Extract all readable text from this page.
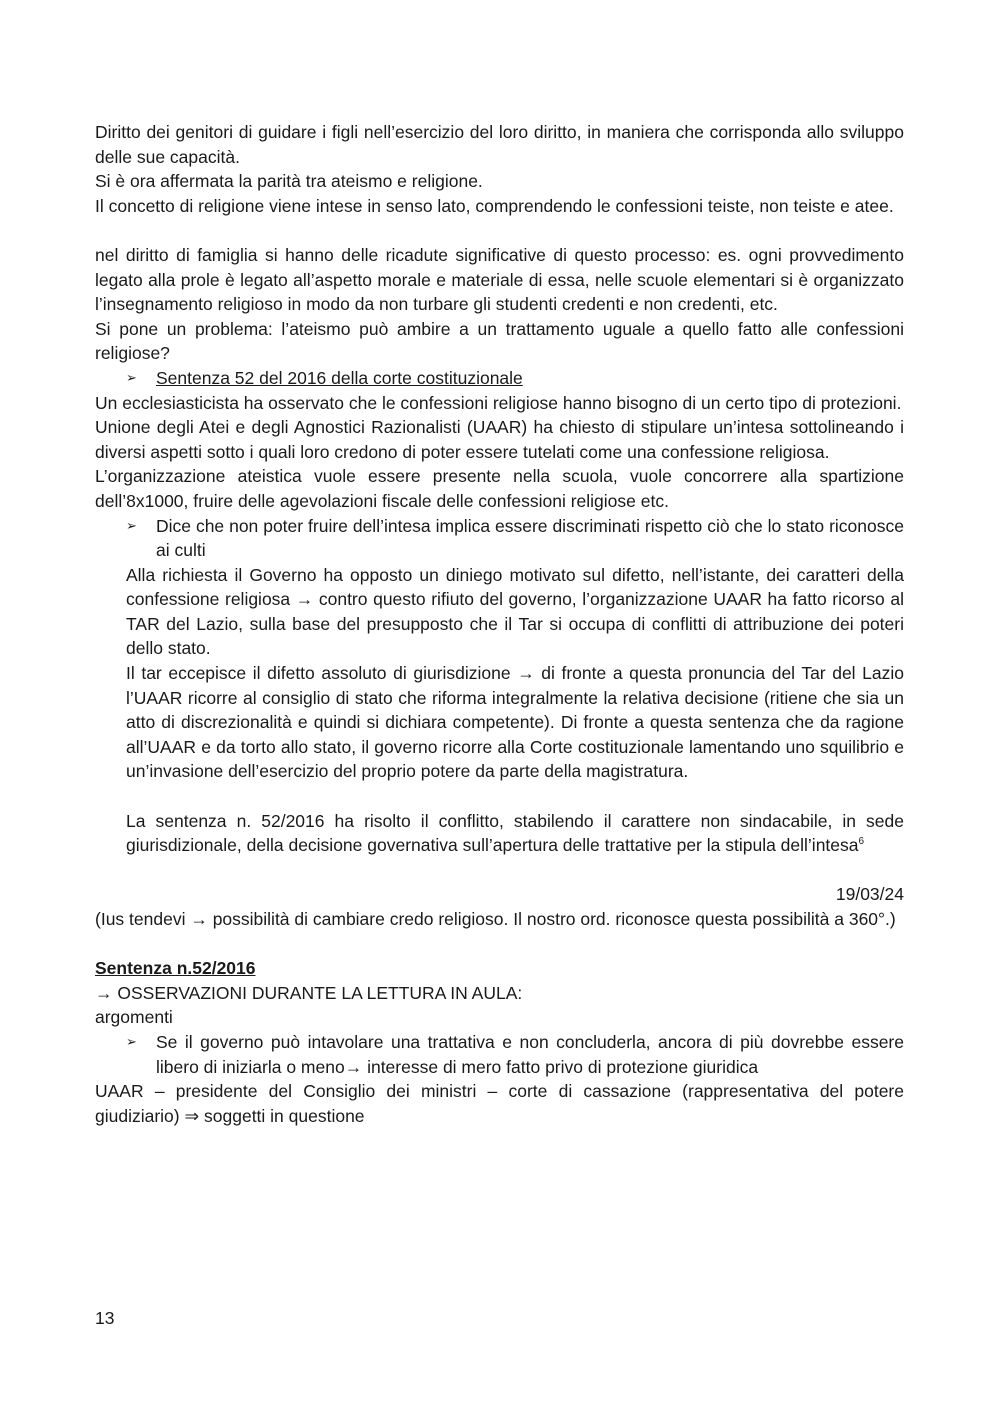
Diritto dei genitori di guidare i figli nell’esercizio del loro diritto, in maniera che corrisponda allo sviluppo delle sue capacità.

Si è ora affermata la parità tra ateismo e religione.

Il concetto di religione viene intese in senso lato, comprendendo le confessioni teiste, non teiste e atee.

nel diritto di famiglia si hanno delle ricadute significative di questo processo: es. ogni provvedimento legato alla prole è legato all’aspetto morale e materiale di essa, nelle scuole elementari si è organizzato l’insegnamento religioso in modo da non turbare gli studenti credenti e non credenti, etc.

Si pone un problema: l’ateismo può ambire a un trattamento uguale a quello fatto alle confessioni religiose?

➢	Sentenza 52 del 2016 della corte costituzionale

Un ecclesiasticista ha osservato che le confessioni religiose hanno bisogno di un certo tipo di protezioni.

Unione degli Atei e degli Agnostici Razionalisti (UAAR) ha chiesto di stipulare un’intesa sottolineando i diversi aspetti sotto i quali loro credono di poter essere tutelati come una confessione religiosa.

L’organizzazione ateistica vuole essere presente nella scuola, vuole concorrere alla spartizione dell’8x1000, fruire delle agevolazioni fiscale delle confessioni religiose etc.

➢	Dice che non poter fruire dell’intesa implica essere discriminati rispetto ciò che lo stato riconosce ai culti

Alla richiesta il Governo ha opposto un diniego motivato sul difetto, nell’istante, dei caratteri della confessione religiosa → contro questo rifiuto del governo, l’organizzazione UAAR ha fatto ricorso al TAR del Lazio, sulla base del presupposto che il Tar si occupa di conflitti di attribuzione dei poteri dello stato.

Il tar eccepisce il difetto assoluto di giurisdizione → di fronte a questa pronuncia del Tar del Lazio l’UAAR ricorre al consiglio di stato che riforma integralmente la relativa decisione (ritiene che sia un atto di discrezionalità e quindi si dichiara competente). Di fronte a questa sentenza che da ragione all’UAAR e da torto allo stato, il governo ricorre alla Corte costituzionale lamentando uno squilibrio e un’invasione dell’esercizio del proprio potere da parte della magistratura.

La sentenza n. 52/2016 ha risolto il conflitto, stabilendo il carattere non sindacabile, in sede giurisdizionale, della decisione governativa sull’apertura delle trattative per la stipula dell’intesa$^6$

19/03/24

(Ius tendevi → possibilità di cambiare credo religioso. Il nostro ord. riconosce questa possibilità a 360°.)

Sentenza n.52/2016

→ OSSERVAZIONI DURANTE LA LETTURA IN AULA:

argomenti

➢	Se il governo può intavolare una trattativa e non concluderla, ancora di più dovrebbe essere libero di iniziarla o meno→ interesse di mero fatto privo di protezione giuridica

UAAR – presidente del Consiglio dei ministri – corte di cassazione (rappresentativa del potere giudiziario) ⇒ soggetti in questione

13
